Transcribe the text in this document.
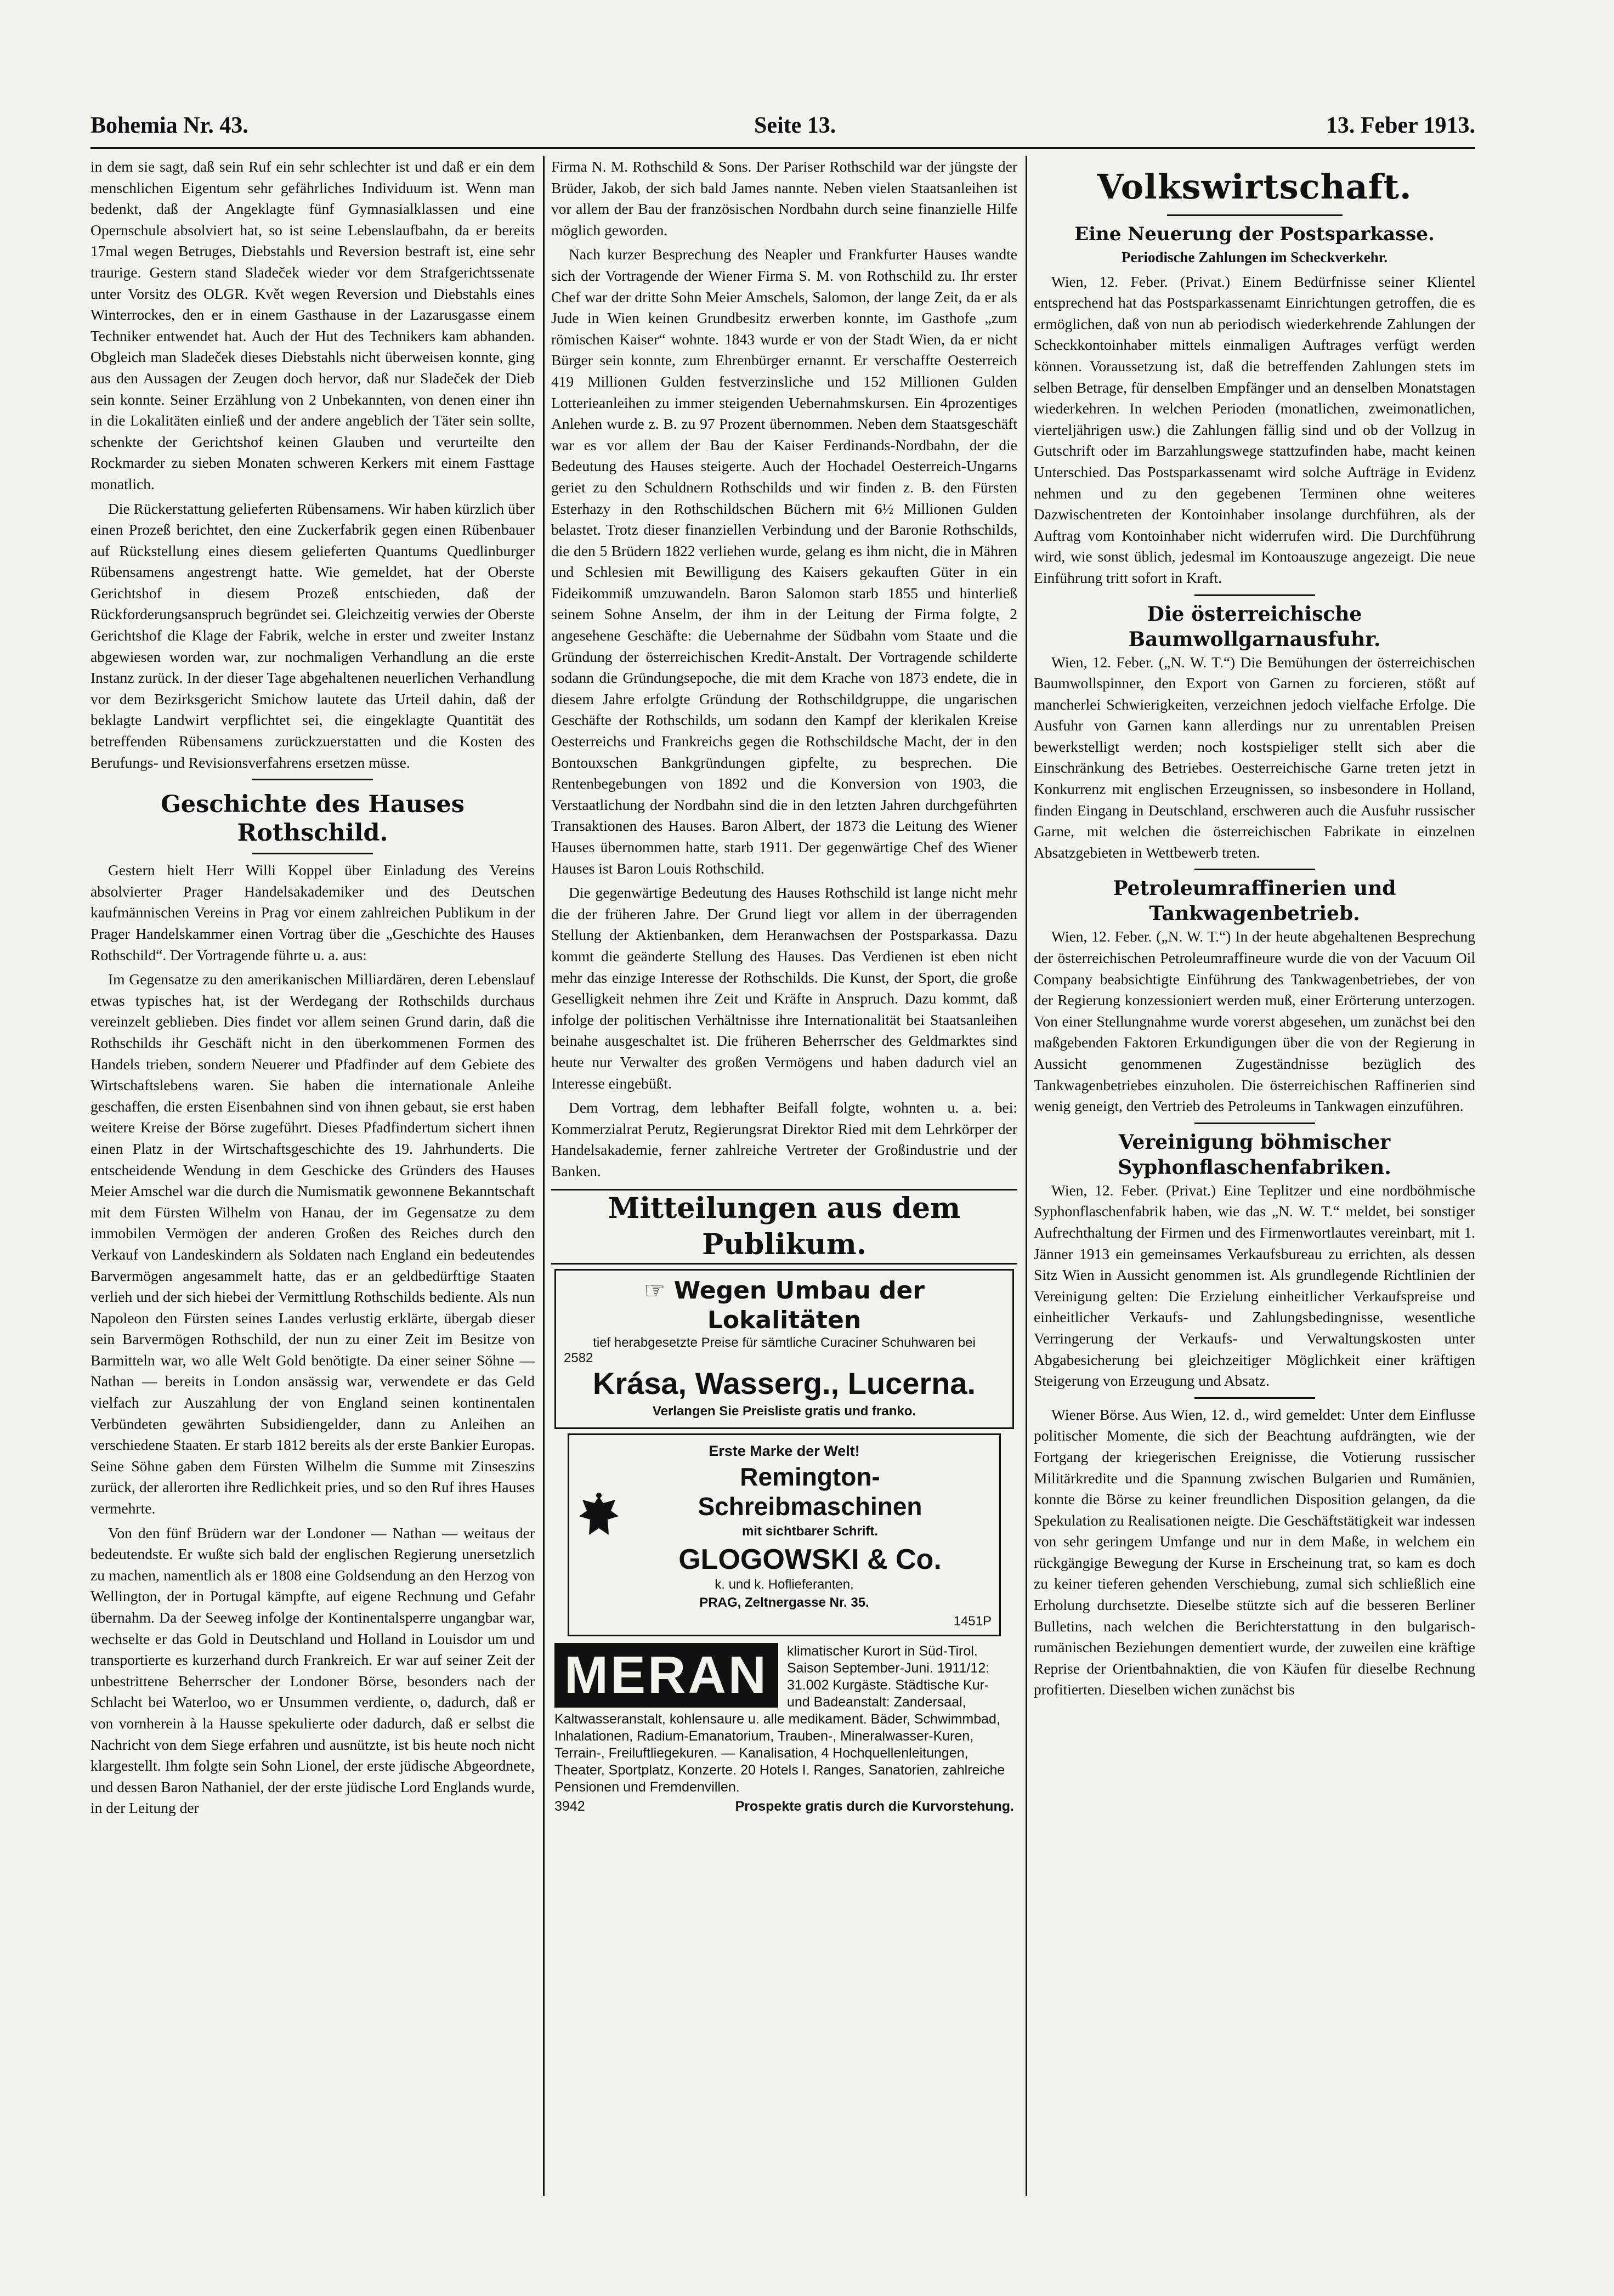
Bohemia Nr. 43.	Seite 13.	13. Feber 1913.

in dem sie sagt, daß sein Ruf ein sehr schlechter ist und daß er ein dem menschlichen Eigentum sehr gefährliches Individuum ist. Wenn man bedenkt, daß der Angeklagte fünf Gymnasialklassen und eine Opernschule absolviert hat, so ist seine Lebenslaufbahn, da er bereits 17mal wegen Betruges, Diebstahls und Reversion bestraft ist, eine sehr traurige. Gestern stand Sladeček wieder vor dem Strafgerichtssenate unter Vorsitz des OLGR. Květ wegen Reversion und Diebstahls eines Winterrockes, den er in einem Gasthause in der Lazarusgasse einem Techniker entwendet hat. Auch der Hut des Technikers kam abhanden. Obgleich man Sladeček dieses Diebstahls nicht überweisen konnte, ging aus den Aussagen der Zeugen doch hervor, daß nur Sladeček der Dieb sein konnte. Seiner Erzählung von 2 Unbekannten, von denen einer ihn in die Lokalitäten einließ und der andere angeblich der Täter sein sollte, schenkte der Gerichtshof keinen Glauben und verurteilte den Rockmarder zu sieben Monaten schweren Kerkers mit einem Fasttage monatlich.

Die Rückerstattung gelieferten Rübensamens. Wir haben kürzlich über einen Prozeß berichtet, den eine Zuckerfabrik gegen einen Rübenbauer auf Rückstellung eines diesem gelieferten Quantums Quedlinburger Rübensamens angestrengt hatte. Wie gemeldet, hat der Oberste Gerichtshof in diesem Prozeß entschieden, daß der Rückforderungsanspruch begründet sei. Gleichzeitig verwies der Oberste Gerichtshof die Klage der Fabrik, welche in erster und zweiter Instanz abgewiesen worden war, zur nochmaligen Verhandlung an die erste Instanz zurück. In der dieser Tage abgehaltenen neuerlichen Verhandlung vor dem Bezirksgericht Smichow lautete das Urteil dahin, daß der beklagte Landwirt verpflichtet sei, die eingeklagte Quantität des betreffenden Rübensamens zurückzuerstatten und die Kosten des Berufungs- und Revisionsverfahrens ersetzen müsse.

Geschichte des Hauses Rothschild.

Gestern hielt Herr Willi Koppel über Einladung des Vereins absolvierter Prager Handelsakademiker und des Deutschen kaufmännischen Vereins in Prag vor einem zahlreichen Publikum in der Prager Handelskammer einen Vortrag über die „Geschichte des Hauses Rothschild“. Der Vortragende führte u. a. aus:

Im Gegensatze zu den amerikanischen Milliardären, deren Lebenslauf etwas typisches hat, ist der Werdegang der Rothschilds durchaus vereinzelt geblieben. Dies findet vor allem seinen Grund darin, daß die Rothschilds ihr Geschäft nicht in den überkommenen Formen des Handels trieben, sondern Neuerer und Pfadfinder auf dem Gebiete des Wirtschaftslebens waren. Sie haben die internationale Anleihe geschaffen, die ersten Eisenbahnen sind von ihnen gebaut, sie erst haben weitere Kreise der Börse zugeführt. Dieses Pfadfindertum sichert ihnen einen Platz in der Wirtschaftsgeschichte des 19. Jahrhunderts. Die entscheidende Wendung in dem Geschicke des Gründers des Hauses Meier Amschel war die durch die Numismatik gewonnene Bekanntschaft mit dem Fürsten Wilhelm von Hanau, der im Gegensatze zu dem immobilen Vermögen der anderen Großen des Reiches durch den Verkauf von Landeskindern als Soldaten nach England ein bedeutendes Barvermögen angesammelt hatte, das er an geldbedürftige Staaten verlieh und der sich hiebei der Vermittlung Rothschilds bediente. Als nun Napoleon den Fürsten seines Landes verlustig erklärte, übergab dieser sein Barvermögen Rothschild, der nun zu einer Zeit im Besitze von Barmitteln war, wo alle Welt Gold benötigte. Da einer seiner Söhne — Nathan — bereits in London ansässig war, verwendete er das Geld vielfach zur Auszahlung der von England seinen kontinentalen Verbündeten gewährten Subsidiengelder, dann zu Anleihen an verschiedene Staaten. Er starb 1812 bereits als der erste Bankier Europas. Seine Söhne gaben dem Fürsten Wilhelm die Summe mit Zinseszins zurück, der allerorten ihre Redlichkeit pries, und so den Ruf ihres Hauses vermehrte.

Von den fünf Brüdern war der Londoner — Nathan — weitaus der bedeutendste. Er wußte sich bald der englischen Regierung unersetzlich zu machen, namentlich als er 1808 eine Goldsendung an den Herzog von Wellington, der in Portugal kämpfte, auf eigene Rechnung und Gefahr übernahm. Da der Seeweg infolge der Kontinentalsperre ungangbar war, wechselte er das Gold in Deutschland und Holland in Louisdor um und transportierte es kurzerhand durch Frankreich. Er war auf seiner Zeit der unbestrittene Beherrscher der Londoner Börse, besonders nach der Schlacht bei Waterloo, wo er Unsummen verdiente, o, dadurch, daß er von vornherein à la Hausse spekulierte oder dadurch, daß er selbst die Nachricht von dem Siege erfahren und ausnützte, ist bis heute noch nicht klargestellt. Ihm folgte sein Sohn Lionel, der erste jüdische Abgeordnete, und dessen Baron Nathaniel, der der erste jüdische Lord Englands wurde, in der Leitung der

Firma N. M. Rothschild & Sons. Der Pariser Rothschild war der jüngste der Brüder, Jakob, der sich bald James nannte. Neben vielen Staatsanleihen ist vor allem der Bau der französischen Nordbahn durch seine finanzielle Hilfe möglich geworden.

Nach kurzer Besprechung des Neapler und Frankfurter Hauses wandte sich der Vortragende der Wiener Firma S. M. von Rothschild zu. Ihr erster Chef war der dritte Sohn Meier Amschels, Salomon, der lange Zeit, da er als Jude in Wien keinen Grundbesitz erwerben konnte, im Gasthofe „zum römischen Kaiser“ wohnte. 1843 wurde er von der Stadt Wien, da er nicht Bürger sein konnte, zum Ehrenbürger ernannt. Er verschaffte Oesterreich 419 Millionen Gulden festverzinsliche und 152 Millionen Gulden Lotterieanleihen zu immer steigenden Uebernahmskursen. Ein 4prozentiges Anlehen wurde z. B. zu 97 Prozent übernommen. Neben dem Staatsgeschäft war es vor allem der Bau der Kaiser Ferdinands-Nordbahn, der die Bedeutung des Hauses steigerte. Auch der Hochadel Oesterreich-Ungarns geriet zu den Schuldnern Rothschilds und wir finden z. B. den Fürsten Esterhazy in den Rothschildschen Büchern mit 6½ Millionen Gulden belastet. Trotz dieser finanziellen Verbindung und der Baronie Rothschilds, die den 5 Brüdern 1822 verliehen wurde, gelang es ihm nicht, die in Mähren und Schlesien mit Bewilligung des Kaisers gekauften Güter in ein Fideikommiß umzuwandeln. Baron Salomon starb 1855 und hinterließ seinem Sohne Anselm, der ihm in der Leitung der Firma folgte, 2 angesehene Geschäfte: die Uebernahme der Südbahn vom Staate und die Gründung der österreichischen Kredit-Anstalt. Der Vortragende schilderte sodann die Gründungsepoche, die mit dem Krache von 1873 endete, die in diesem Jahre erfolgte Gründung der Rothschildgruppe, die ungarischen Geschäfte der Rothschilds, um sodann den Kampf der klerikalen Kreise Oesterreichs und Frankreichs gegen die Rothschildsche Macht, der in den Bontouxschen Bankgründungen gipfelte, zu besprechen. Die Rentenbegebungen von 1892 und die Konversion von 1903, die Verstaatlichung der Nordbahn sind die in den letzten Jahren durchgeführten Transaktionen des Hauses. Baron Albert, der 1873 die Leitung des Wiener Hauses übernommen hatte, starb 1911. Der gegenwärtige Chef des Wiener Hauses ist Baron Louis Rothschild.

Die gegenwärtige Bedeutung des Hauses Rothschild ist lange nicht mehr die der früheren Jahre. Der Grund liegt vor allem in der überragenden Stellung der Aktienbanken, dem Heranwachsen der Postsparkassa. Dazu kommt die geänderte Stellung des Hauses. Das Verdienen ist eben nicht mehr das einzige Interesse der Rothschilds. Die Kunst, der Sport, die große Geselligkeit nehmen ihre Zeit und Kräfte in Anspruch. Dazu kommt, daß infolge der politischen Verhältnisse ihre Internationalität bei Staatsanleihen beinahe ausgeschaltet ist. Die früheren Beherrscher des Geldmarktes sind heute nur Verwalter des großen Vermögens und haben dadurch viel an Interesse eingebüßt.

Dem Vortrag, dem lebhafter Beifall folgte, wohnten u. a. bei: Kommerzialrat Perutz, Regierungsrat Direktor Ried mit dem Lehrkörper der Handelsakademie, ferner zahlreiche Vertreter der Großindustrie und der Banken.

Mitteilungen aus dem Publikum.
☞ Wegen Umbau der Lokalitäten
tief herabgesetzte Preise für sämtliche Curaciner Schuhwaren bei
2582
Krása, Wasserg., Lucerna.
Verlangen Sie Preisliste gratis und franko.
Erste Marke der Welt!
Remington-Schreibmaschinen
mit sichtbarer Schrift.
GLOGOWSKI & Co.
k. und k. Hoflieferanten,
PRAG, Zeltnergasse Nr. 35.
1451P
MERAN	klimatischer Kurort in Süd-Tirol. Saison September-Juni. 1911/12: 31.002 Kurgäste. Städtische Kur- und Badeanstalt: Zandersaal, Kaltwasseranstalt, kohlensaure u. alle medikament. Bäder, Schwimmbad, Inhalationen, Radium-Emanatorium, Trauben-, Mineralwasser-Kuren, Terrain-, Freiluftliegekuren. — Kanalisation, 4 Hochquellenleitungen, Theater, Sportplatz, Konzerte. 20 Hotels I. Ranges, Sanatorien, zahlreiche Pensionen und Fremdenvillen.
3942	Prospekte gratis durch die Kurvorstehung.
Volkswirtschaft.
Eine Neuerung der Postsparkasse.

Periodische Zahlungen im Scheckverkehr.

Wien, 12. Feber. (Privat.) Einem Bedürfnisse seiner Klientel entsprechend hat das Postsparkassenamt Einrichtungen getroffen, die es ermöglichen, daß von nun ab periodisch wiederkehrende Zahlungen der Scheckkontoinhaber mittels einmaligen Auftrages verfügt werden können. Voraussetzung ist, daß die betreffenden Zahlungen stets im selben Betrage, für denselben Empfänger und an denselben Monatstagen wiederkehren. In welchen Perioden (monatlichen, zweimonatlichen, vierteljährigen usw.) die Zahlungen fällig sind und ob der Vollzug in Gutschrift oder im Barzahlungswege stattzufinden habe, macht keinen Unterschied. Das Postsparkassenamt wird solche Aufträge in Evidenz nehmen und zu den gegebenen Terminen ohne weiteres Dazwischentreten der Kontoinhaber insolange durchführen, als der Auftrag vom Kontoinhaber nicht widerrufen wird. Die Durchführung wird, wie sonst üblich, jedesmal im Kontoauszuge angezeigt. Die neue Einführung tritt sofort in Kraft.

Die österreichische Baumwollgarnausfuhr.

Wien, 12. Feber. („N. W. T.“) Die Bemühungen der österreichischen Baumwollspinner, den Export von Garnen zu forcieren, stößt auf mancherlei Schwierigkeiten, verzeichnen jedoch vielfache Erfolge. Die Ausfuhr von Garnen kann allerdings nur zu unrentablen Preisen bewerkstelligt werden; noch kostspieliger stellt sich aber die Einschränkung des Betriebes. Oesterreichische Garne treten jetzt in Konkurrenz mit englischen Erzeugnissen, so insbesondere in Holland, finden Eingang in Deutschland, erschweren auch die Ausfuhr russischer Garne, mit welchen die österreichischen Fabrikate in einzelnen Absatzgebieten in Wettbewerb treten.

Petroleumraffinerien und Tankwagenbetrieb.

Wien, 12. Feber. („N. W. T.“) In der heute abgehaltenen Besprechung der österreichischen Petroleumraffineure wurde die von der Vacuum Oil Company beabsichtigte Einführung des Tankwagenbetriebes, der von der Regierung konzessioniert werden muß, einer Erörterung unterzogen. Von einer Stellungnahme wurde vorerst abgesehen, um zunächst bei den maßgebenden Faktoren Erkundigungen über die von der Regierung in Aussicht genommenen Zugeständnisse bezüglich des Tankwagenbetriebes einzuholen. Die österreichischen Raffinerien sind wenig geneigt, den Vertrieb des Petroleums in Tankwagen einzuführen.

Vereinigung böhmischer Syphonflaschenfabriken.

Wien, 12. Feber. (Privat.) Eine Teplitzer und eine nordböhmische Syphonflaschenfabrik haben, wie das „N. W. T.“ meldet, bei sonstiger Aufrechthaltung der Firmen und des Firmenwortlautes vereinbart, mit 1. Jänner 1913 ein gemeinsames Verkaufsbureau zu errichten, als dessen Sitz Wien in Aussicht genommen ist. Als grundlegende Richtlinien der Vereinigung gelten: Die Erzielung einheitlicher Verkaufspreise und einheitlicher Verkaufs- und Zahlungsbedingnisse, wesentliche Verringerung der Verkaufs- und Verwaltungskosten unter Abgabesicherung bei gleichzeitiger Möglichkeit einer kräftigen Steigerung von Erzeugung und Absatz.

Wiener Börse. Aus Wien, 12. d., wird gemeldet: Unter dem Einflusse politischer Momente, die sich der Beachtung aufdrängten, wie der Fortgang der kriegerischen Ereignisse, die Votierung russischer Militärkredite und die Spannung zwischen Bulgarien und Rumänien, konnte die Börse zu keiner freundlichen Disposition gelangen, da die Spekulation zu Realisationen neigte. Die Geschäftstätigkeit war indessen von sehr geringem Umfange und nur in dem Maße, in welchem ein rückgängige Bewegung der Kurse in Erscheinung trat, so kam es doch zu keiner tieferen gehenden Verschiebung, zumal sich schließlich eine Erholung durchsetzte. Dieselbe stützte sich auf die besseren Berliner Bulletins, nach welchen die Berichterstattung in den bulgarisch-rumänischen Beziehungen dementiert wurde, der zuweilen eine kräftige Reprise der Orientbahnaktien, die von Käufen für dieselbe Rechnung profitierten. Dieselben wichen zunächst bis
